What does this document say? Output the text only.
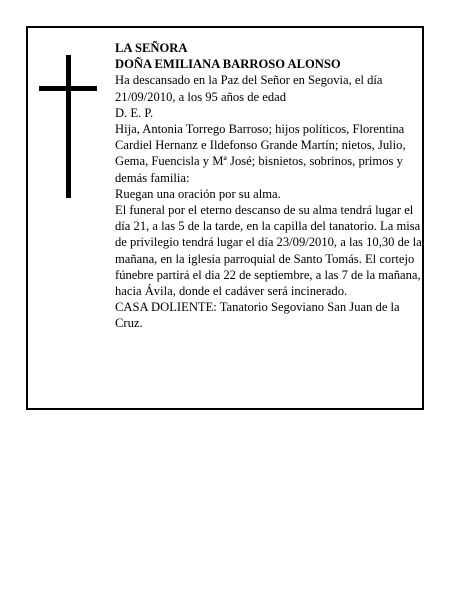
LA SEÑORA

DOÑA EMILIANA BARROSO ALONSO

Ha descansado en la Paz del Señor en Segovia, el día 21/09/2010, a los 95 años de edad

D. E. P.

Hija, Antonia Torrego Barroso; hijos políticos, Florentina Cardiel Hernanz e Ildefonso Grande Martín; nietos, Julio, Gema, Fuencisla y Mª José; bisnietos, sobrinos, primos y demás familia:

Ruegan una oración por su alma.

El funeral por el eterno descanso de su alma tendrá lugar el día 21, a las 5 de la tarde, en la capilla del tanatorio. La misa de privilegio tendrá lugar el día 23/09/2010, a las 10,30 de la mañana, en la iglesia parroquial de Santo Tomás. El cortejo fúnebre partirá el dia 22 de septiembre, a las 7 de la mañana, hacia Ávila, donde el cadáver será incinerado.

CASA DOLIENTE: Tanatorio Segoviano San Juan de la Cruz.
